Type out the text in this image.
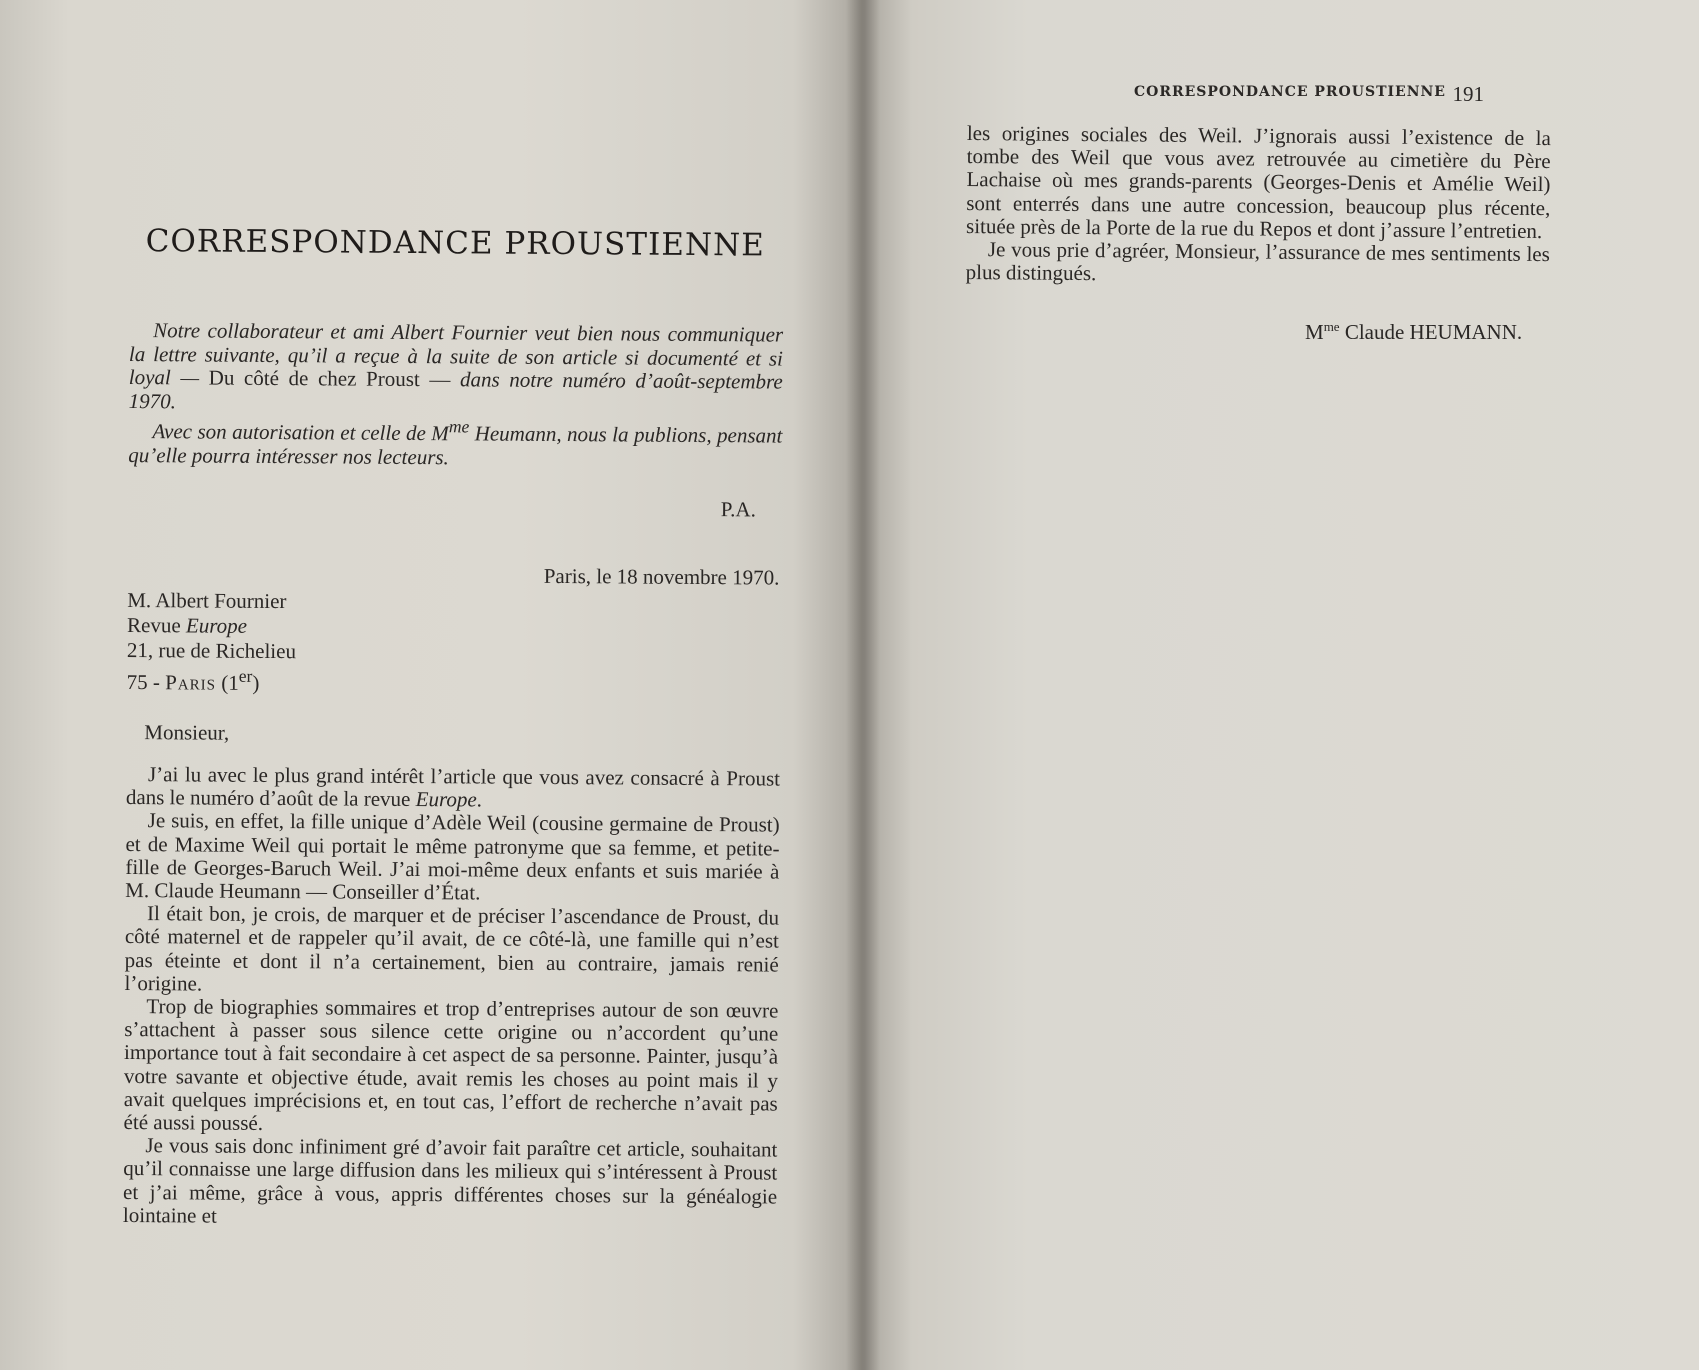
CORRESPONDANCE PROUSTIENNE

Notre collaborateur et ami Albert Fournier veut bien nous communiquer la lettre suivante, qu’il a reçue à la suite de son article si documenté et si loyal — Du côté de chez Proust — dans notre numéro d’août-septembre 1970.

Avec son autorisation et celle de $M^{me}$ Heumann, nous la publions, pensant qu’elle pourra intéresser nos lecteurs.

P.A.
Paris, le 18 novembre 1970.
M. Albert Fournier
Revue Europe
21, rue de Richelieu
75 - Paris (1er)
Monsieur,

J’ai lu avec le plus grand intérêt l’article que vous avez consacré à Proust dans le numéro d’août de la revue Europe.

Je suis, en effet, la fille unique d’Adèle Weil (cousine germaine de Proust) et de Maxime Weil qui portait le même patronyme que sa femme, et petite-fille de Georges-Baruch Weil. J’ai moi-même deux enfants et suis mariée à M. Claude Heumann — Conseiller d’État.

Il était bon, je crois, de marquer et de préciser l’ascendance de Proust, du côté maternel et de rappeler qu’il avait, de ce côté-là, une famille qui n’est pas éteinte et dont il n’a certainement, bien au contraire, jamais renié l’origine.

Trop de biographies sommaires et trop d’entreprises autour de son œuvre s’attachent à passer sous silence cette origine ou n’accordent qu’une importance tout à fait secondaire à cet aspect de sa personne. Painter, jusqu’à votre savante et objective étude, avait remis les choses au point mais il y avait quelques imprécisions et, en tout cas, l’effort de recherche n’avait pas été aussi poussé.

Je vous sais donc infiniment gré d’avoir fait paraître cet article, souhaitant qu’il connaisse une large diffusion dans les milieux qui s’intéressent à Proust et j’ai même, grâce à vous, appris différentes choses sur la généalogie lointaine et

CORRESPONDANCE PROUSTIENNE 191

les origines sociales des Weil. J’ignorais aussi l’existence de la tombe des Weil que vous avez retrouvée au cimetière du Père Lachaise où mes grands-parents (Georges-Denis et Amélie Weil) sont enterrés dans une autre concession, beaucoup plus récente, située près de la Porte de la rue du Repos et dont j’assure l’entretien.

Je vous prie d’agréer, Monsieur, l’assurance de mes sentiments les plus distingués.

$M^{me}$ Claude HEUMANN.
